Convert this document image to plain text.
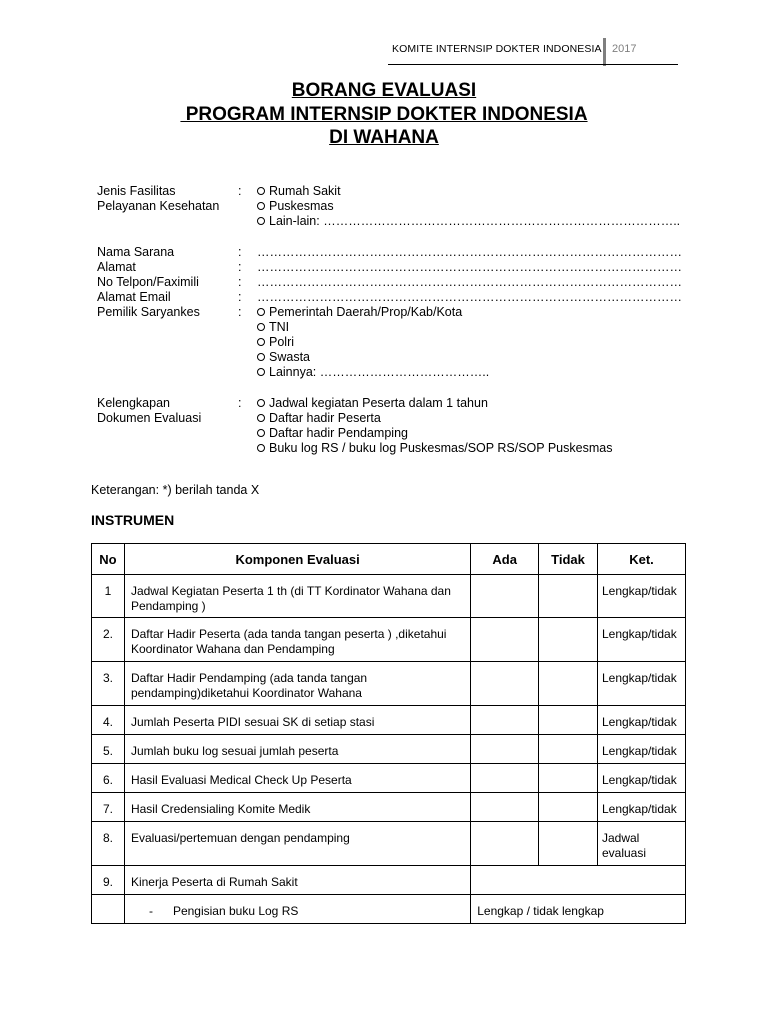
KOMITE INTERNSIP DOKTER INDONESIA 2017
BORANG EVALUASI
PROGRAM INTERNSIP DOKTER INDONESIA
DI WAHANA
Jenis Fasilitas
Pelayanan Kesehatan
:	Rumah Sakit
Puskesmas
Lain-lain: …………………………………………………………………………..
Nama Sarana	: …………………………………………………………………………………………
Alamat	: …………………………………………………………………………………………
No Telpon/Faximili	: …………………………………………………………………………………………
Alamat Email	: …………………………………………………………………………………………
Pemilik Saryankes	:	Pemerintah Daerah/Prop/Kab/Kota
TNI
Polri
Swasta
Lainnya: …………………………………..
Kelengkapan
Dokumen Evaluasi
:	Jadwal kegiatan Peserta dalam 1 tahun
Daftar hadir Peserta
Daftar hadir Pendamping
Buku log RS / buku log Puskesmas/SOP RS/SOP Puskesmas
Keterangan: *) berilah tanda X
INSTRUMEN
No	Komponen Evaluasi	Ada	Tidak	Ket.
1	Jadwal Kegiatan Peserta 1 th (di TT Kordinator Wahana dan Pendamping )			Lengkap/tidak
2.	Daftar Hadir Peserta (ada tanda tangan peserta ) ,diketahui Koordinator Wahana dan Pendamping			Lengkap/tidak
3.	Daftar Hadir Pendamping (ada tanda tangan pendamping)diketahui Koordinator Wahana			Lengkap/tidak
4.	Jumlah Peserta PIDI sesuai SK di setiap stasi			Lengkap/tidak
5.	Jumlah buku log sesuai jumlah peserta			Lengkap/tidak
6.	Hasil Evaluasi Medical Check Up Peserta			Lengkap/tidak
7.	Hasil Credensialing Komite Medik			Lengkap/tidak
8.	Evaluasi/pertemuan dengan pendamping			Jadwal evaluasi
9.	Kinerja Peserta di Rumah Sakit			
	- Pengisian buku Log RS	Lengkap / tidak lengkap		
